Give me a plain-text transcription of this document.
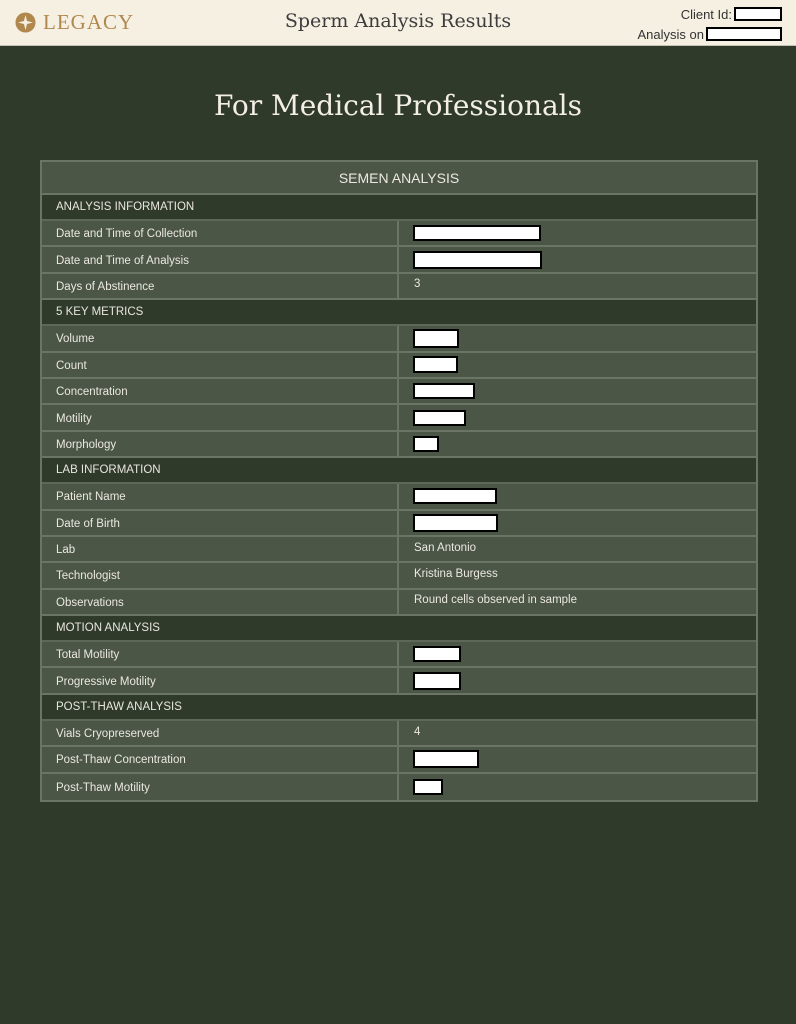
LEGACY	Sperm Analysis Results	Client Id:
Analysis on
For Medical Professionals
SEMEN ANALYSIS
ANALYSIS INFORMATION
Date and Time of Collection
Date and Time of Analysis
Days of Abstinence	3
5 KEY METRICS
Volume
Count
Concentration
Motility
Morphology
LAB INFORMATION
Patient Name
Date of Birth
Lab	San Antonio
Technologist	Kristina Burgess
Observations	Round cells observed in sample
MOTION ANALYSIS
Total Motility
Progressive Motility
POST-THAW ANALYSIS
Vials Cryopreserved	4
Post-Thaw Concentration
Post-Thaw Motility
